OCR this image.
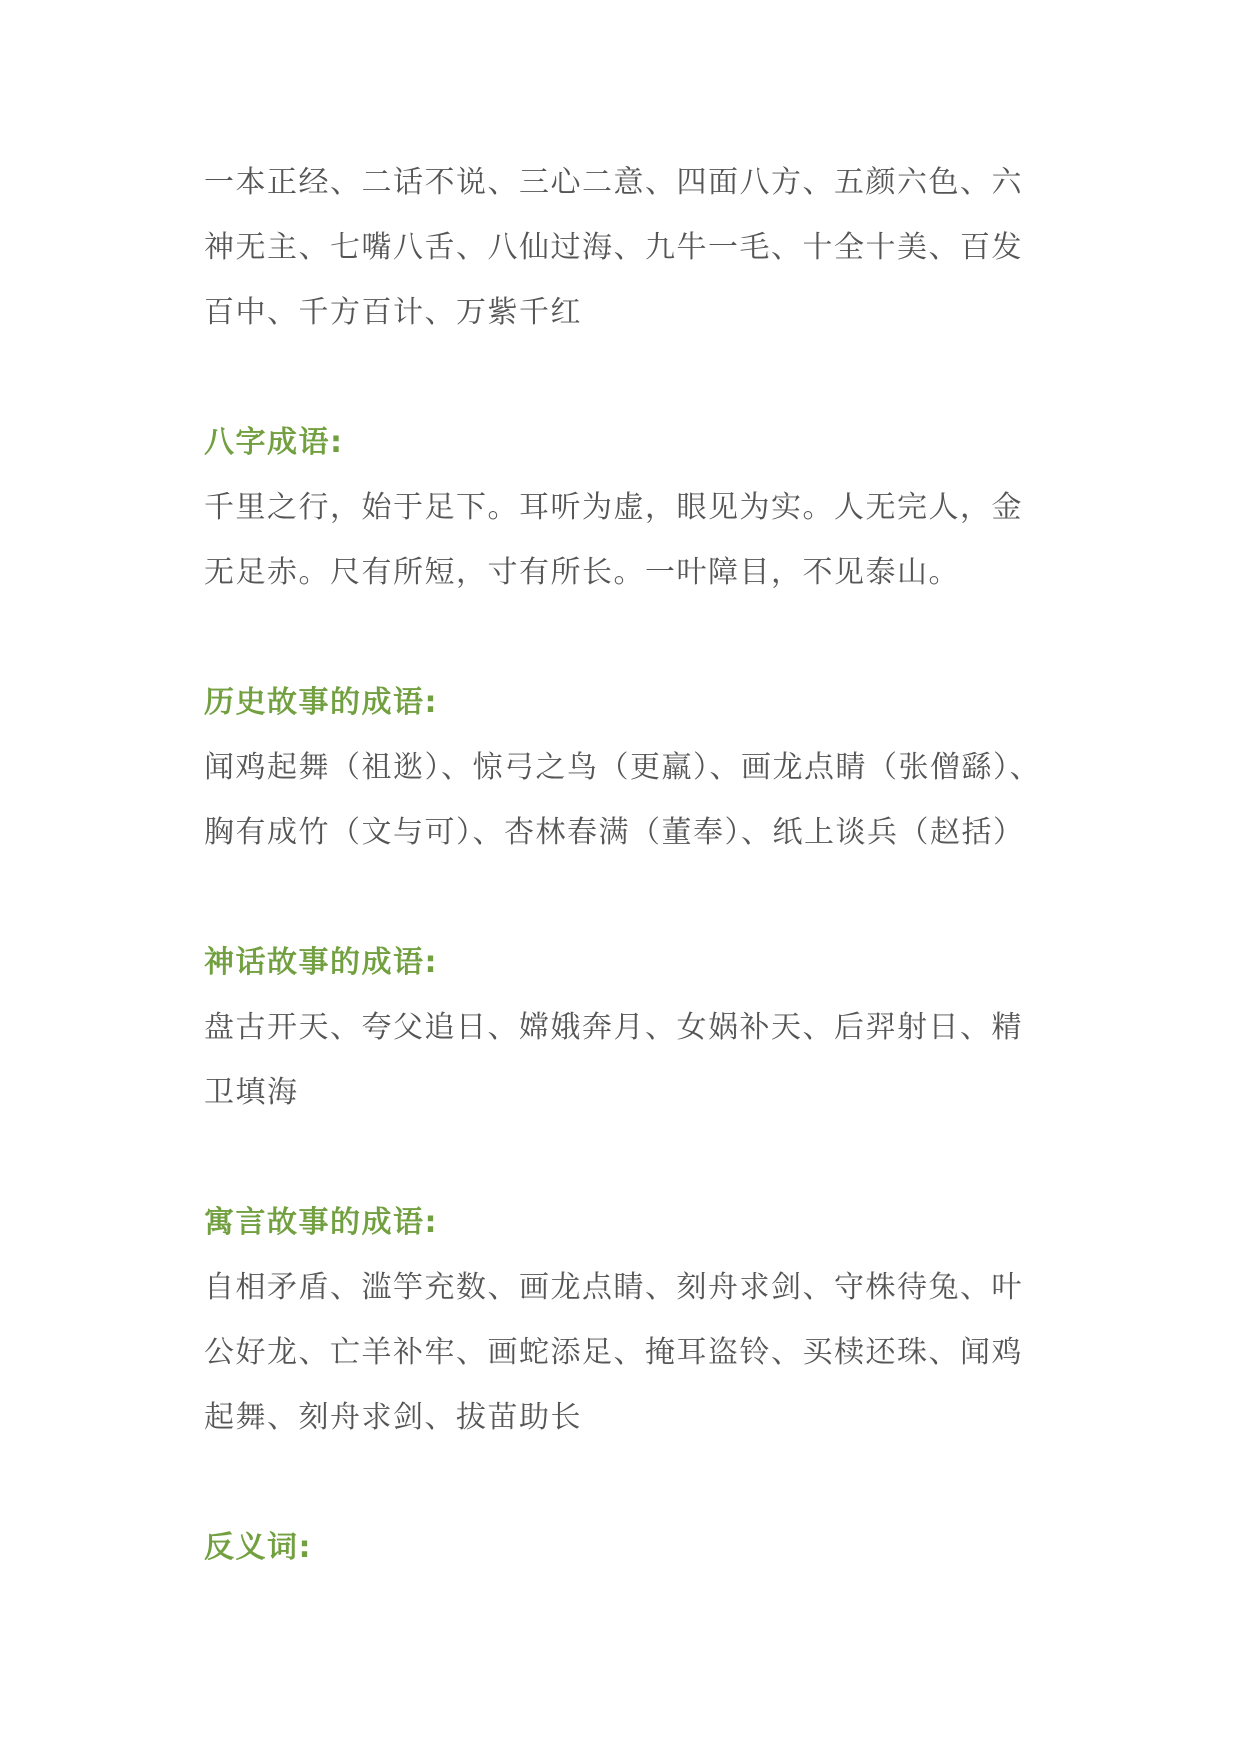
一本正经、二话不说、三心二意、四面八方、五颜六色、六神无主、七嘴八舌、八仙过海、九牛一毛、十全十美、百发百中、千方百计、万紫千红

八字成语:

千里之行，始于足下。耳听为虚，眼见为实。人无完人，金无足赤。尺有所短，寸有所长。一叶障目，不见泰山。

历史故事的成语:

闻鸡起舞（祖逖）、惊弓之鸟（更羸）、画龙点睛（张僧繇）、胸有成竹（文与可）、杏林春满（董奉）、纸上谈兵（赵括）

神话故事的成语:

盘古开天、夸父追日、嫦娥奔月、女娲补天、后羿射日、精卫填海

寓言故事的成语:

自相矛盾、滥竽充数、画龙点睛、刻舟求剑、守株待兔、叶公好龙、亡羊补牢、画蛇添足、掩耳盗铃、买椟还珠、闻鸡起舞、刻舟求剑、拔苗助长

反义词:
